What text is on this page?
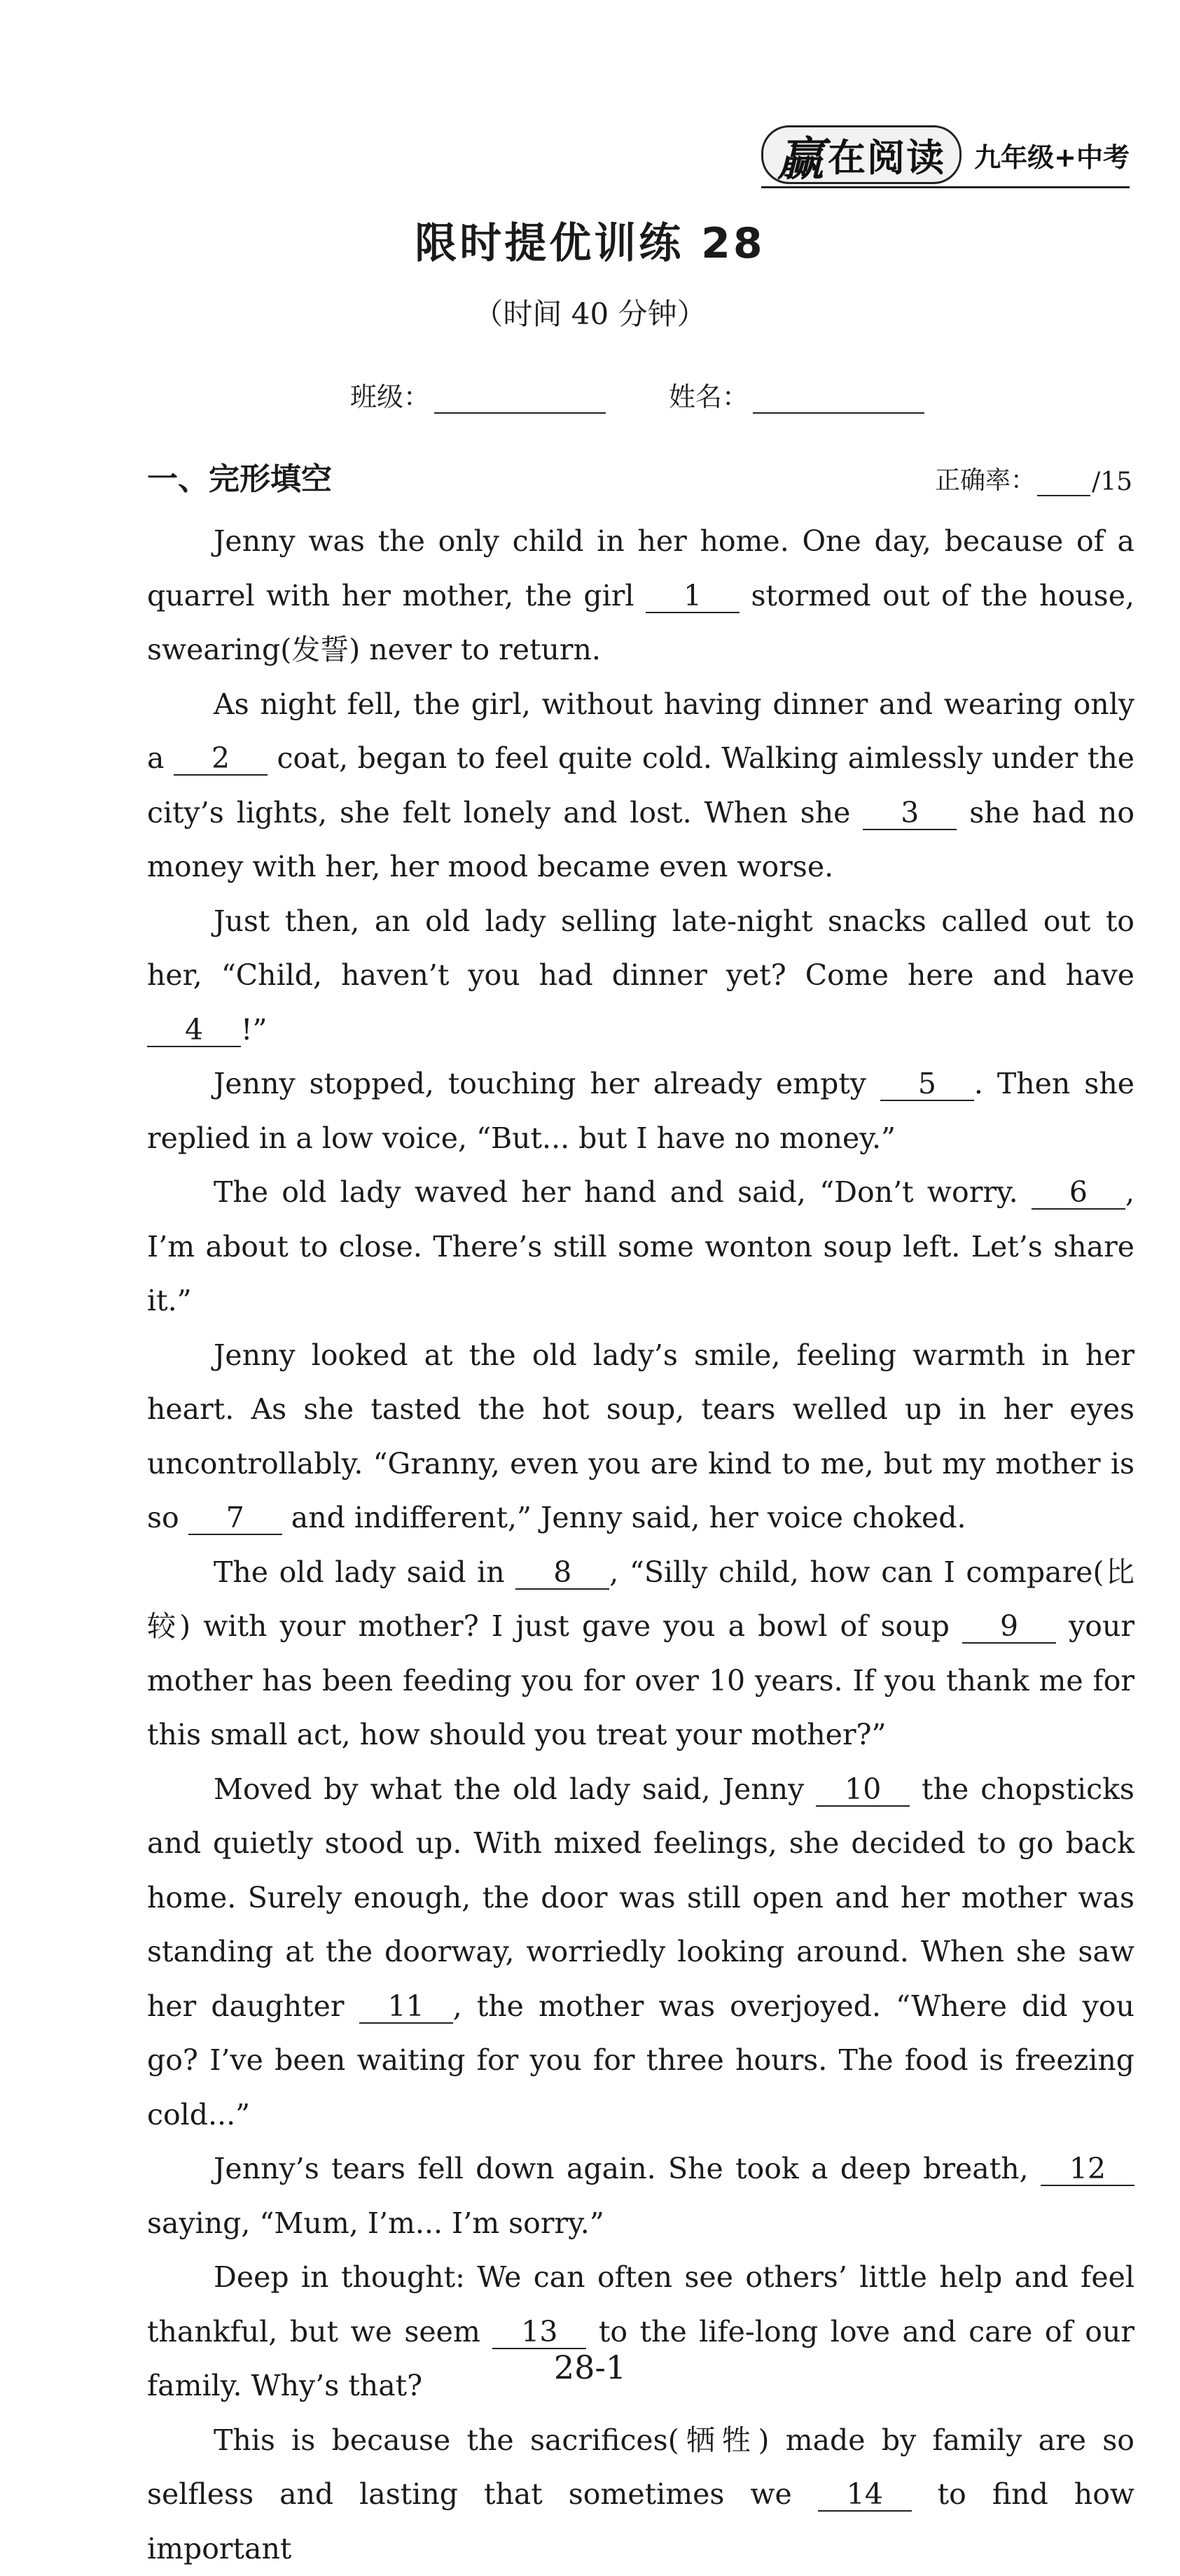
赢 在阅读 九年级+中考
限时提优训练 28
（时间 40 分钟）
班级：	姓名：
一、完形填空	正确率： /15

Jenny was the only child in her home. One day, because of a quarrel with her mother, the girl 1 stormed out of the house, swearing(发誓) never to return.

As night fell, the girl, without having dinner and wearing only a 2 coat, began to feel quite cold. Walking aimlessly under the city’s lights, she felt lonely and lost. When she 3 she had no money with her, her mood became even worse.

Just then, an old lady selling late-night snacks called out to her, “Child, haven’t you had dinner yet? Come here and have 4 !”

Jenny stopped, touching her already empty 5 . Then she replied in a low voice, “But... but I have no money.”

The old lady waved her hand and said, “Don’t worry. 6 , I’m about to close. There’s still some wonton soup left. Let’s share it.”

Jenny looked at the old lady’s smile, feeling warmth in her heart. As she tasted the hot soup, tears welled up in her eyes uncontrollably. “Granny, even you are kind to me, but my mother is so 7 and indifferent,” Jenny said, her voice choked.

The old lady said in 8 , “Silly child, how can I compare(比较) with your mother? I just gave you a bowl of soup 9 your mother has been feeding you for over 10 years. If you thank me for this small act, how should you treat your mother?”

Moved by what the old lady said, Jenny 10 the chopsticks and quietly stood up. With mixed feelings, she decided to go back home. Surely enough, the door was still open and her mother was standing at the doorway, worriedly looking around. When she saw her daughter 11 , the mother was overjoyed. “Where did you go? I’ve been waiting for you for three hours. The food is freezing cold...”

Jenny’s tears fell down again. She took a deep breath, 12 saying, “Mum, I’m... I’m sorry.”

Deep in thought: We can often see others’ little help and feel thankful, but we seem 13 to the life-long love and care of our family. Why’s that?

This is because the sacrifices(牺牲) made by family are so selfless and lasting that sometimes we 14 to find how important

28-1
